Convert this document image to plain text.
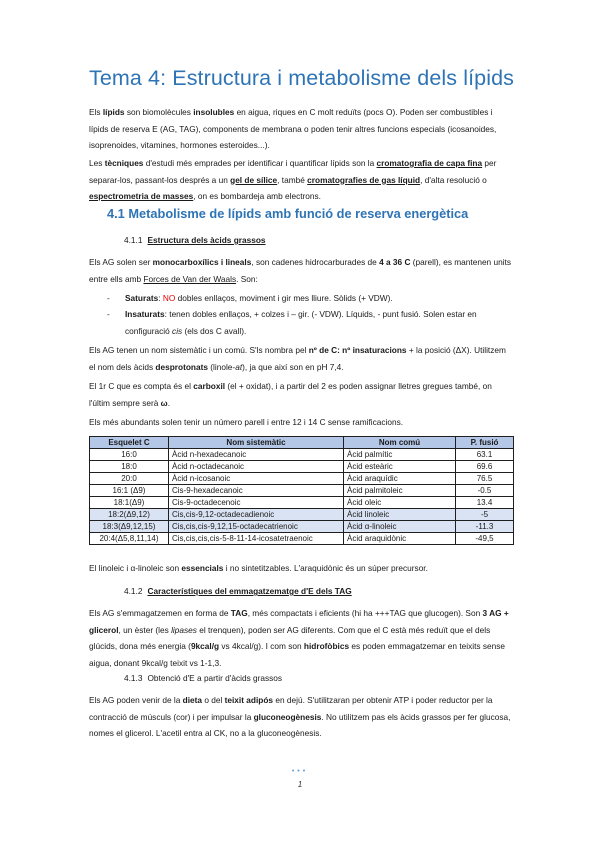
Tema 4: Estructura i metabolisme dels lípids

Els lípids son biomolècules insolubles en aigua, riques en C molt reduïts (pocs O). Poden ser combustibles i lípids de reserva E (AG, TAG), components de membrana o poden tenir altres funcions especials (icosanoides, isoprenoides, vitamines, hormones esteroides...).

Les tècniques d'estudi més emprades per identificar i quantificar lípids son la cromatografia de capa fina per separar-los, passant-los després a un gel de sílice, també cromatografies de gas líquid, d'alta resolució o espectrometria de masses, on es bombardeja amb electrons.

4.1 Metabolisme de lípids amb funció de reserva energètica
4.1.1 Estructura dels àcids grassos

Els AG solen ser monocarboxílics i lineals, son cadenes hidrocarburades de 4 a 36 C (parell), es mantenen units entre ells amb Forces de Van der Waals. Son:

-	Saturats: NO dobles enllaços, moviment i gir mes lliure. Sòlids (+ VDW).
-	Insaturats: tenen dobles enllaços, + colzes i – gir. (- VDW). Líquids, - punt fusió. Solen estar en configuració cis (els dos C avall).

Els AG tenen un nom sistemàtic i un comú. S'ls nombra pel nº de C: nº insaturacions + la posició (ΔX). Utilitzem el nom dels àcids desprotonats (linole-at), ja que així son en pH 7,4.

El 1r C que es compta és el carboxil (el + oxidat), i a partir del 2 es poden assignar lletres gregues també, on l'últim sempre serà ω.

Els més abundants solen tenir un número parell i entre 12 i 14 C sense ramificacions.

Esquelet C	Nom sistemàtic	Nom comú	P. fusió
16:0	Àcid n-hexadecanoic	Àcid palmític	63.1
18:0	Àcid n-octadecanoic	Àcid esteàric	69.6
20:0	Àcid n-icosanoic	Àcid araquídic	76.5
16:1 (Δ9)	Cis-9-hexadecanoic	Àcid palmitoleic	-0.5
18:1(Δ9)	Cis-9-octadecenoic	Àcid oleic	13.4
18:2(Δ9,12)	Cis,cis-9,12-octadecadienoic	Àcid linoleic	-5
18:3(Δ9,12,15)	Cis,cis,cis-9,12,15-octadecatrienoic	Àcid α-linoleic	-11.3
20:4(Δ5,8,11,14)	Cis,cis,cis,cis-5-8-11-14-icosatetraenoic	Àcid araquidònic	-49,5

El linoleic i α-linoleic son essencials i no sintetitzables. L'araquidònic és un súper precursor.

4.1.2 Característiques del emmagatzematge d'E dels TAG

Els AG s'emmagatzemen en forma de TAG, més compactats i eficients (hi ha +++TAG que glucogen). Son 3 AG + glicerol, un èster (les lipases el trenquen), poden ser AG diferents. Com que el C està més reduït que el dels glúcids, dona més energia (9kcal/g vs 4kcal/g). I com son hidrofòbics es poden emmagatzemar en teixits sense aigua, donant 9kcal/g teixit vs 1-1,3.

4.1.3 Obtenció d'E a partir d'àcids grassos

Els AG poden venir de la dieta o del teixit adipós en dejú. S'utilitzaran per obtenir ATP i poder reductor per la contracció de músculs (cor) i per impulsar la gluconeogènesis. No utilitzem pas els àcids grassos per fer glucosa, nomes el glicerol. L'acetil entra al CK, no a la gluconeogènesis.

•••
1
